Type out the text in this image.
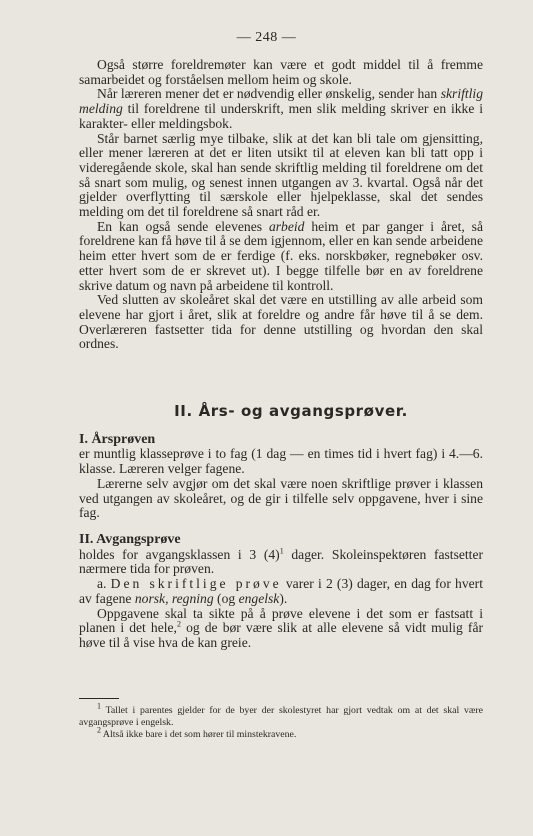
— 248 —

Også større foreldremøter kan være et godt middel til å fremme samarbeidet og forståelsen mellom heim og skole.

Når læreren mener det er nødvendig eller ønskelig, sender han skriftlig melding til foreldrene til underskrift, men slik melding skriver en ikke i karakter- eller meldingsbok.

Står barnet særlig mye tilbake, slik at det kan bli tale om gjensitting, eller mener læreren at det er liten utsikt til at eleven kan bli tatt opp i videregående skole, skal han sende skriftlig melding til foreldrene om det så snart som mulig, og senest innen utgangen av 3. kvartal. Også når det gjelder overflytting til særskole eller hjelpeklasse, skal det sendes melding om det til foreldrene så snart råd er.

En kan også sende elevenes arbeid heim et par ganger i året, så foreldrene kan få høve til å se dem igjennom, eller en kan sende arbeidene heim etter hvert som de er ferdige (f. eks. norskbøker, regnebøker osv. etter hvert som de er skrevet ut). I begge tilfelle bør en av foreldrene skrive datum og navn på arbeidene til kontroll.

Ved slutten av skoleåret skal det være en utstilling av alle arbeid som elevene har gjort i året, slik at foreldre og andre får høve til å se dem. Overlæreren fastsetter tida for denne utstilling og hvordan den skal ordnes.

II. Års- og avgangsprøver.
I. Årsprøven

er muntlig klasseprøve i to fag (1 dag — en times tid i hvert fag) i 4.—6. klasse. Læreren velger fagene.

Lærerne selv avgjør om det skal være noen skriftlige prøver i klassen ved utgangen av skoleåret, og de gir i tilfelle selv oppgavene, hver i sine fag.

II. Avgangsprøve

holdes for avgangsklassen i 3 $(4)^1$ dager. Skoleinspektøren fastsetter nærmere tida for prøven.

a. Den skriftlige prøve varer i 2 (3) dager, en dag for hvert av fagene norsk, regning (og engelsk).

Oppgavene skal ta sikte på å prøve elevene i det som er fastsatt i planen i det hele,$^2$ og de bør være slik at alle elevene så vidt mulig får høve til å vise hva de kan greie.

$^1$ Tallet i parentes gjelder for de byer der skolestyret har gjort vedtak om at det skal være avgangsprøve i engelsk.

$^2$ Altså ikke bare i det som hører til minstekravene.
